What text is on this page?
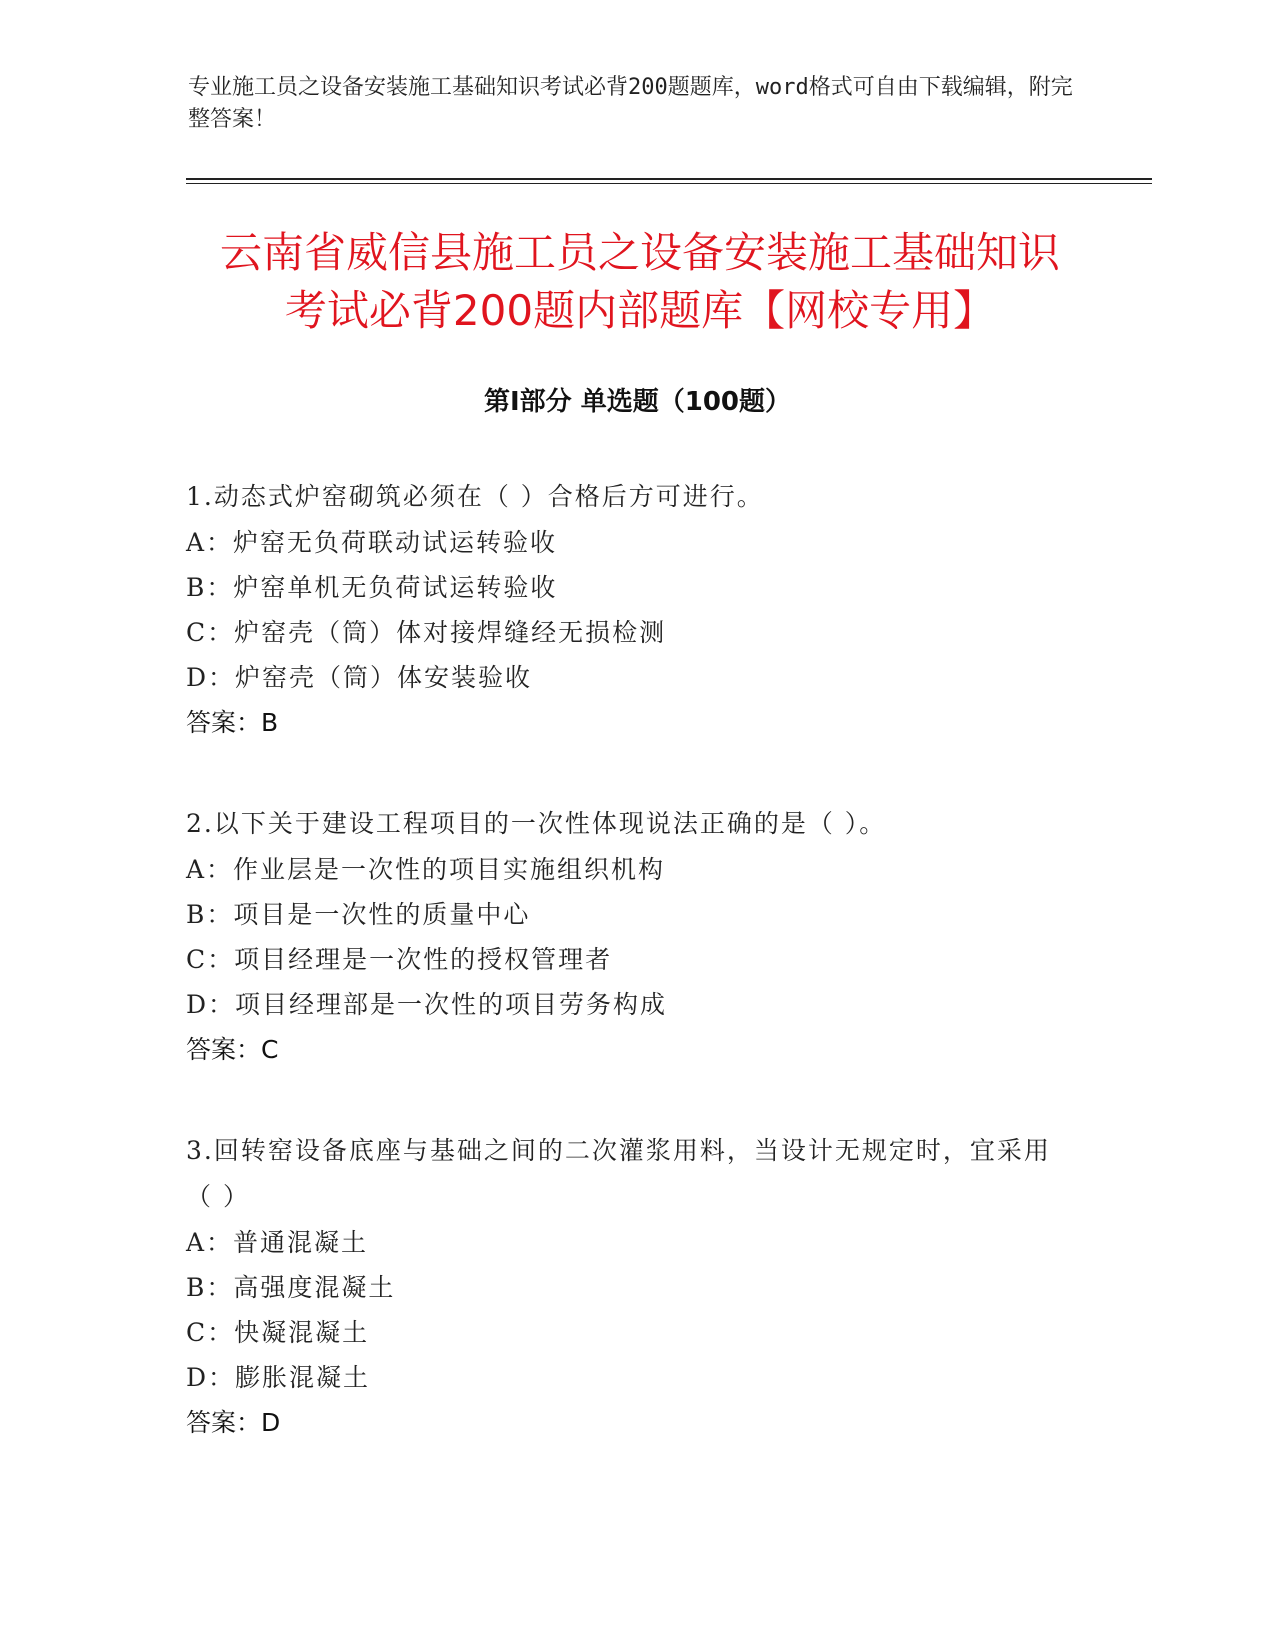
专业施工员之设备安装施工基础知识考试必背200题题库，word格式可自由下载编辑，附完整答案！
云南省威信县施工员之设备安装施工基础知识考试必背200题内部题库【网校专用】
第Ⅰ部分 单选题（100题）

1.动态式炉窑砌筑必须在（ ）合格后方可进行。

A：炉窑无负荷联动试运转验收

B：炉窑单机无负荷试运转验收

C：炉窑壳（筒）体对接焊缝经无损检测

D：炉窑壳（筒）体安装验收

答案：B

2.以下关于建设工程项目的一次性体现说法正确的是（ ）。

A：作业层是一次性的项目实施组织机构

B：项目是一次性的质量中心

C：项目经理是一次性的授权管理者

D：项目经理部是一次性的项目劳务构成

答案：C

3.回转窑设备底座与基础之间的二次灌浆用料，当设计无规定时，宜采用（ ）

A：普通混凝土

B：高强度混凝土

C：快凝混凝土

D：膨胀混凝土

答案：D
